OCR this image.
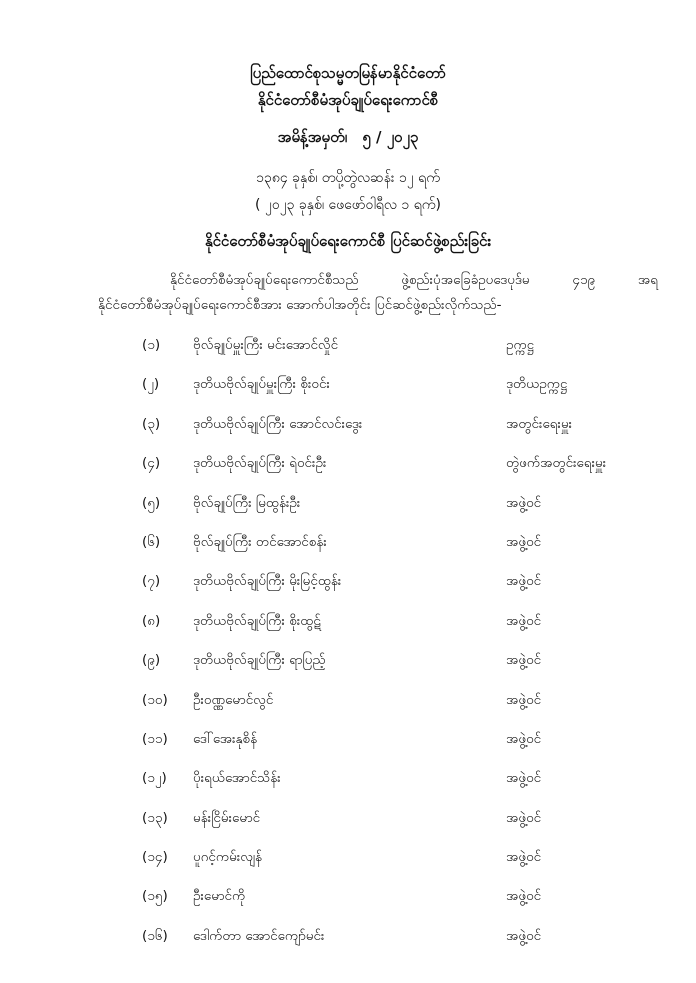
ပြည်ထောင်စုသမ္မတမြန်မာနိုင်ငံတော်
နိုင်ငံတော်စီမံအုပ်ချုပ်ရေးကောင်စီ
အမိန့်အမှတ်၊ ၅ / ၂၀၂၃
၁၃၈၄ ခုနှစ်၊ တပို့တွဲလဆန်း ၁၂ ရက်
( ၂၀၂၃ ခုနှစ်၊ ဖေဖော်ဝါရီလ ၁ ရက်)
နိုင်ငံတော်စီမံအုပ်ချုပ်ရေးကောင်စီ ပြင်ဆင်ဖွဲ့စည်းခြင်း
နိုင်ငံတော်စီမံအုပ်ချုပ်ရေးကောင်စီသည် ဖွဲ့စည်းပုံအခြေခံဥပဒေပုဒ်မ ၄၁၉ အရ
နိုင်ငံတော်စီမံအုပ်ချုပ်ရေးကောင်စီအား အောက်ပါအတိုင်း ပြင်ဆင်ဖွဲ့စည်းလိုက်သည်-
(၁) ဗိုလ်ချုပ်မှူးကြီး မင်းအောင်လှိုင်	ဥက္ကဋ္ဌ
(၂)	ဒုတိယဗိုလ်ချုပ်မှူးကြီး စိုးဝင်း	ဒုတိယဥက္ကဋ္ဌ
(၃) ဒုတိယဗိုလ်ချုပ်ကြီး အောင်လင်းဒွေး	အတွင်းရေးမှူး
(၄) ဒုတိယဗိုလ်ချုပ်ကြီး ရဲဝင်းဦး	တွဲဖက်အတွင်းရေးမှူး
(၅) ဗိုလ်ချုပ်ကြီး မြထွန်းဦး	အဖွဲ့ဝင်
(၆) ဗိုလ်ချုပ်ကြီး တင်အောင်စန်း	အဖွဲ့ဝင်
(၇) ဒုတိယဗိုလ်ချုပ်ကြီး မိုးမြင့်ထွန်း	အဖွဲ့ဝင်
(၈) ဒုတိယဗိုလ်ချုပ်ကြီး စိုးထွဋ်	အဖွဲ့ဝင်
(၉) ဒုတိယဗိုလ်ချုပ်ကြီး ရာပြည့်	အဖွဲ့ဝင်
(၁၀) ဦးဝဏ္ဏမောင်လွင်	အဖွဲ့ဝင်
(၁၁) ဒေါ်အေးနုစိန်	အဖွဲ့ဝင်
(၁၂) ပိုးရယ်အောင်သိန်း	အဖွဲ့ဝင်
(၁၃) မန်းငြိမ်းမောင်	အဖွဲ့ဝင်
(၁၄) ပူဂင့်ကမ်းလျန်	အဖွဲ့ဝင်
(၁၅) ဦးမောင်ကို	အဖွဲ့ဝင်
(၁၆) ဒေါက်တာ အောင်ကျော်မင်း	အဖွဲ့ဝင်
